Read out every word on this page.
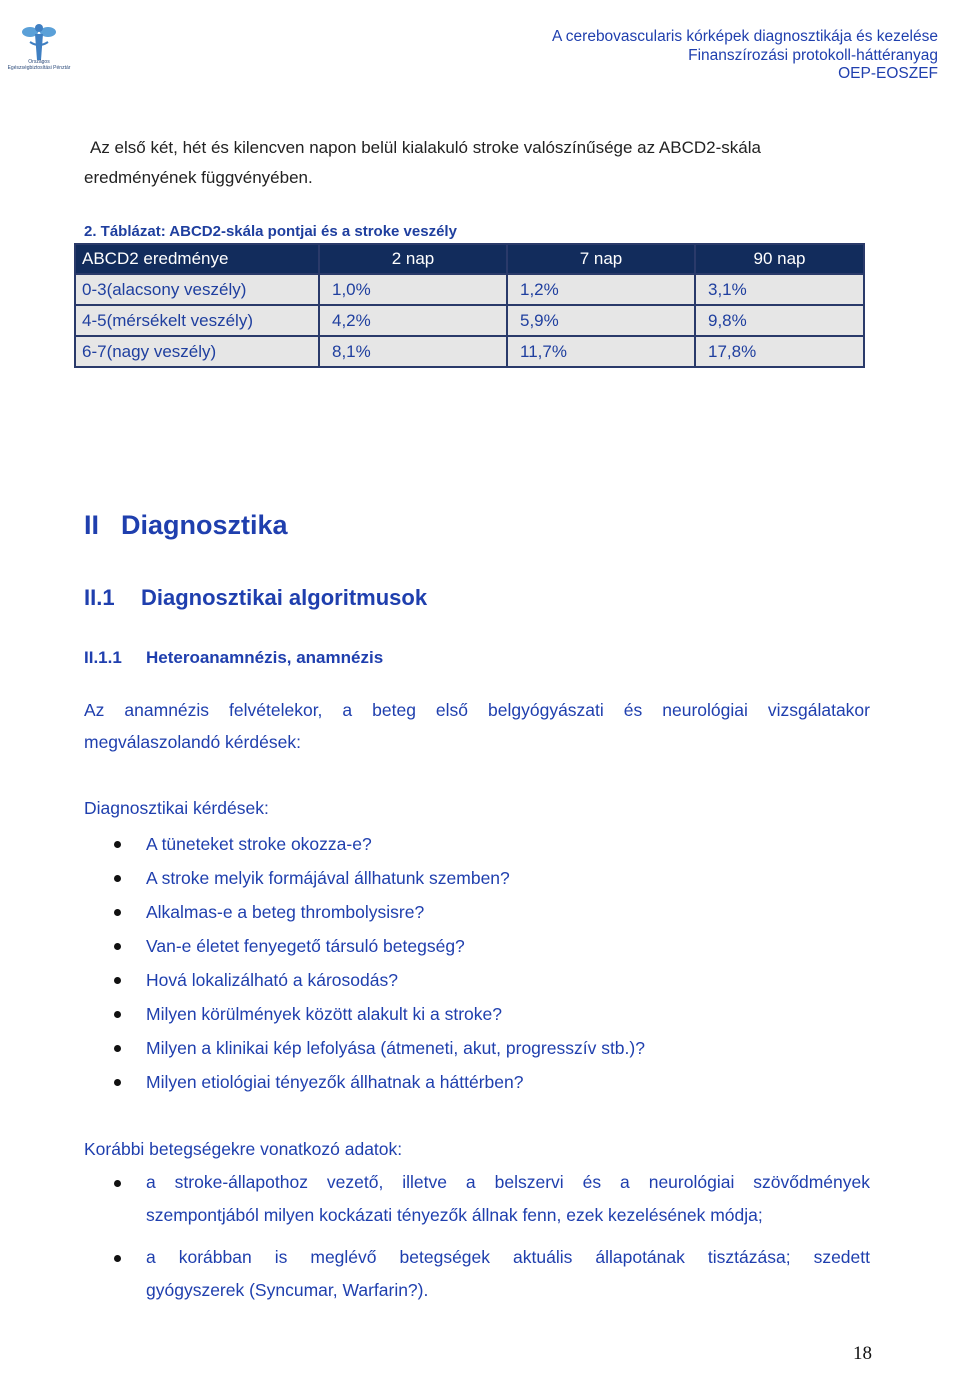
Országos Egészségbiztosítási Pénztár
A cerebovascularis kórképek diagnosztikája és kezelése
Finanszírozási protokoll-háttéranyag
OEP-EOSZEF

Az első két, hét és kilencven napon belül kialakuló stroke valószínűsége az ABCD2-skála

eredményének függvényében.

2. Táblázat: ABCD2-skála pontjai és a stroke veszély
ABCD2 eredménye	2 nap	7 nap	90 nap
0-3(alacsony veszély)	1,0%	1,2%	3,1%
4-5(mérsékelt veszély)	4,2%	5,9%	9,8%
6-7(nagy veszély)	8,1%	11,7%	17,8%
II Diagnosztika
II.1 Diagnosztikai algoritmusok
II.1.1 Heteroanamnézis, anamnézis

Az anamnézis felvételekor, a beteg első belgyógyászati és neurológiai vizsgálatakor

megválaszolandó kérdések:

Diagnosztikai kérdések:
A tüneteket stroke okozza-e?
A stroke melyik formájával állhatunk szemben?
Alkalmas-e a beteg thrombolysisre?
Van-e életet fenyegető társuló betegség?
Hová lokalizálható a károsodás?
Milyen körülmények között alakult ki a stroke?
Milyen a klinikai kép lefolyása (átmeneti, akut, progresszív stb.)?
Milyen etiológiai tényezők állhatnak a háttérben?
Korábbi betegségekre vonatkozó adatok:
a stroke-állapothoz vezető, illetve a belszervi és a neurológiai szövődmények
szempontjából milyen kockázati tényezők állnak fenn, ezek kezelésének módja;
a korábban is meglévő betegségek aktuális állapotának tisztázása; szedett
gyógyszerek (Syncumar, Warfarin?).
18
